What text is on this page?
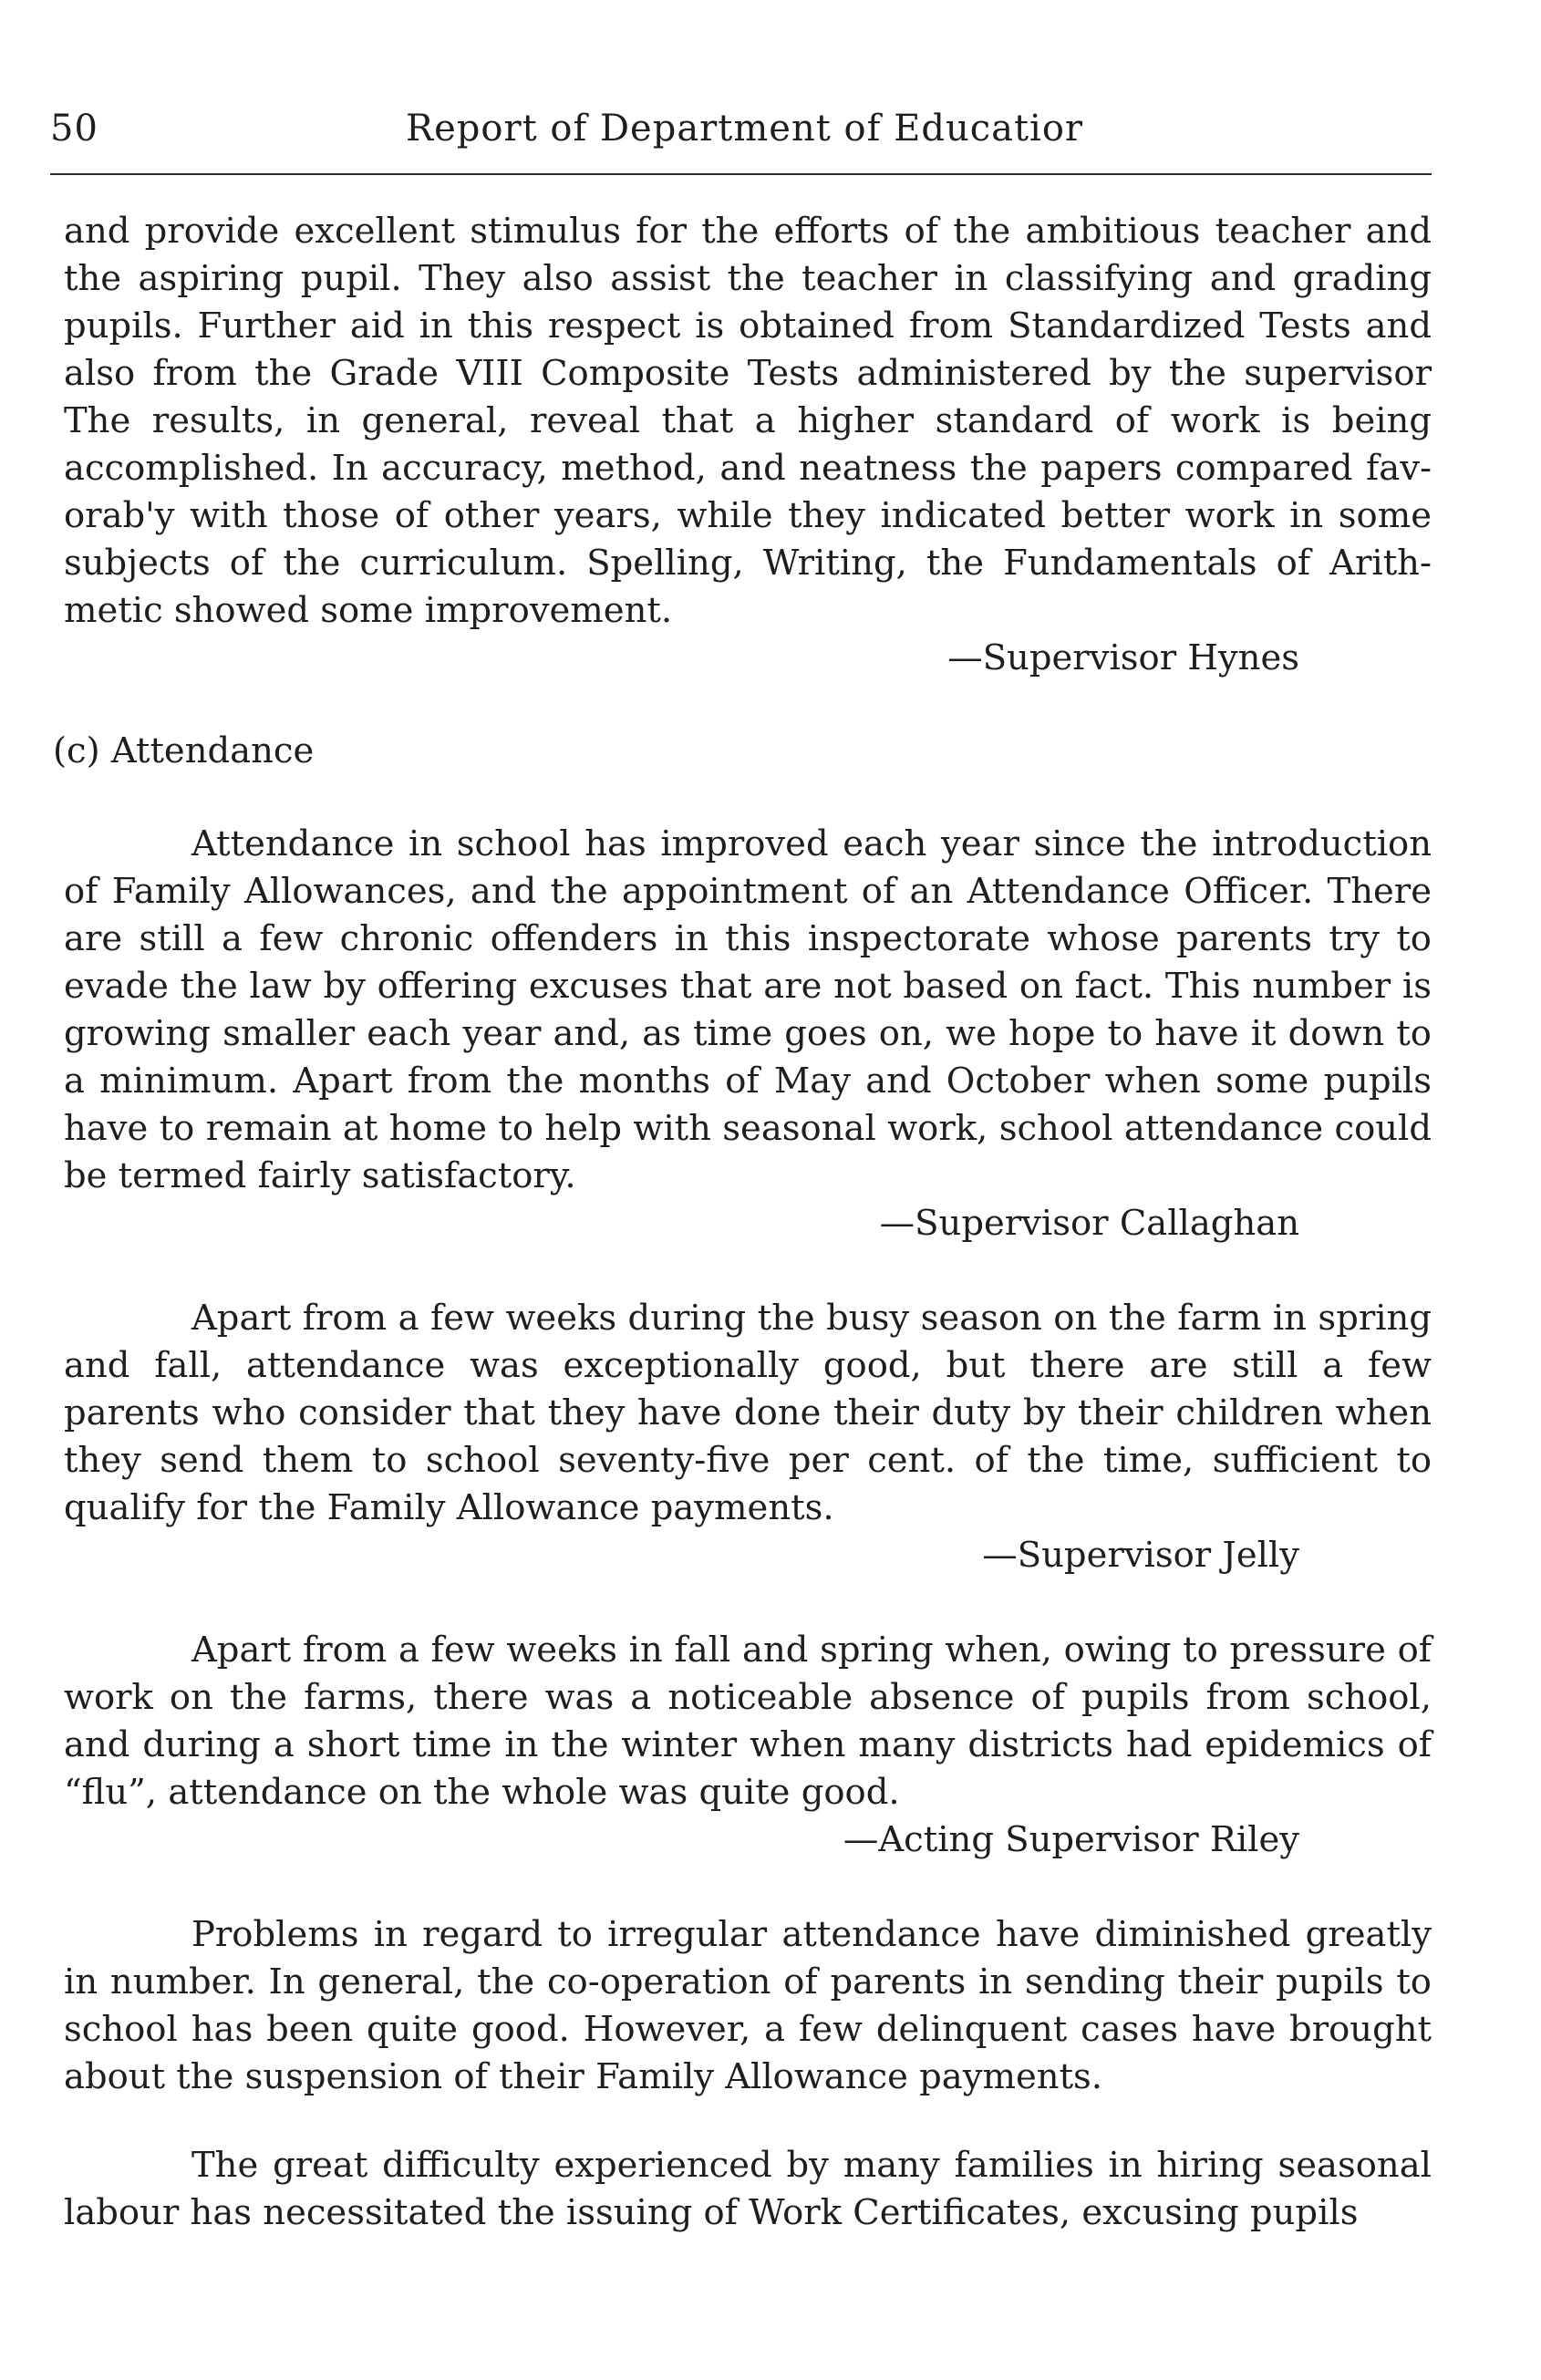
50	Report of Department of Educatior

and provide excellent stimulus for the efforts of the ambitious teacher and the aspiring pupil. They also assist the teacher in classifying and grading pupils. Further aid in this respect is obtained from Standardized Tests and also from the Grade VIII Composite Tests administered by the supervisor The results, in general, reveal that a higher standard of work is being accomplished. In accuracy, method, and neatness the papers compared favorab'y with those of other years, while they indicated better work in some subjects of the curriculum. Spelling, Writing, the Fundamentals of Arithmetic showed some improvement.

—Supervisor Hynes
(c) Attendance

Attendance in school has improved each year since the introduction of Family Allowances, and the appointment of an Attendance Officer. There are still a few chronic offenders in this inspectorate whose parents try to evade the law by offering excuses that are not based on fact. This number is growing smaller each year and, as time goes on, we hope to have it down to a minimum. Apart from the months of May and October when some pupils have to remain at home to help with seasonal work, school attendance could be termed fairly satisfactory.

—Supervisor Callaghan

Apart from a few weeks during the busy season on the farm in spring and fall, attendance was exceptionally good, but there are still a few parents who consider that they have done their duty by their children when they send them to school seventy-five per cent. of the time, sufficient to qualify for the Family Allowance payments.

—Supervisor Jelly

Apart from a few weeks in fall and spring when, owing to pressure of work on the farms, there was a noticeable absence of pupils from school, and during a short time in the winter when many districts had epidemics of “flu”, attendance on the whole was quite good.

—Acting Supervisor Riley

Problems in regard to irregular attendance have diminished greatly in number. In general, the co-operation of parents in sending their pupils to school has been quite good. However, a few delinquent cases have brought about the suspension of their Family Allowance payments.

The great difficulty experienced by many families in hiring seasonal labour has necessitated the issuing of Work Certificates, excusing pupils
